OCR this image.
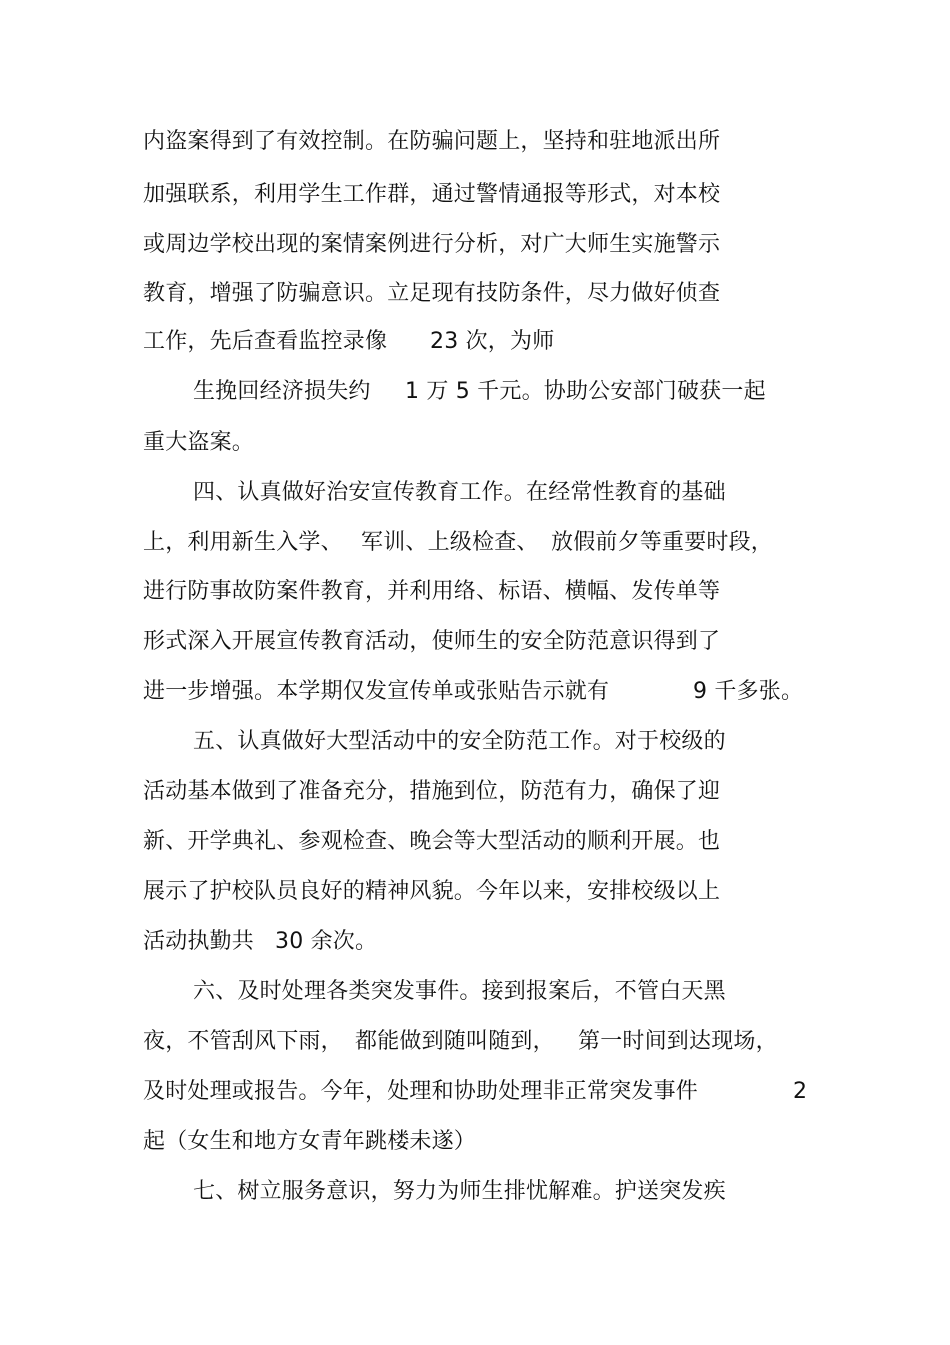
内盗案得到了有效控制。在防骗问题上，坚持和驻地派出所
加强联系，利用学生工作群，通过警情通报等形式，对本校
或周边学校出现的案情案例进行分析，对广大师生实施警示
教育，增强了防骗意识。立足现有技防条件，尽力做好侦查
工作，先后查看监控录像 23 次，为师
生挽回经济损失约 1 万 5 千元。协助公安部门破获一起
重大盗案。
四、认真做好治安宣传教育工作。在经常性教育的基础
上，利用新生入学、 军训、上级检查、 放假前夕等重要时段，
进行防事故防案件教育，并利用络、标语、横幅、发传单等
形式深入开展宣传教育活动，使师生的安全防范意识得到了
进一步增强。本学期仅发宣传单或张贴告示就有	9 千多张。
五、认真做好大型活动中的安全防范工作。对于校级的
活动基本做到了准备充分，措施到位，防范有力，确保了迎
新、开学典礼、参观检查、晚会等大型活动的顺利开展。也
展示了护校队员良好的精神风貌。今年以来，安排校级以上
活动执勤共 30 余次。
六、及时处理各类突发事件。接到报案后，不管白天黑
夜，不管刮风下雨， 都能做到随叫随到， 第一时间到达现场，
及时处理或报告。今年，处理和协助处理非正常突发事件	2
起（女生和地方女青年跳楼未遂）
七、树立服务意识，努力为师生排忧解难。护送突发疾
